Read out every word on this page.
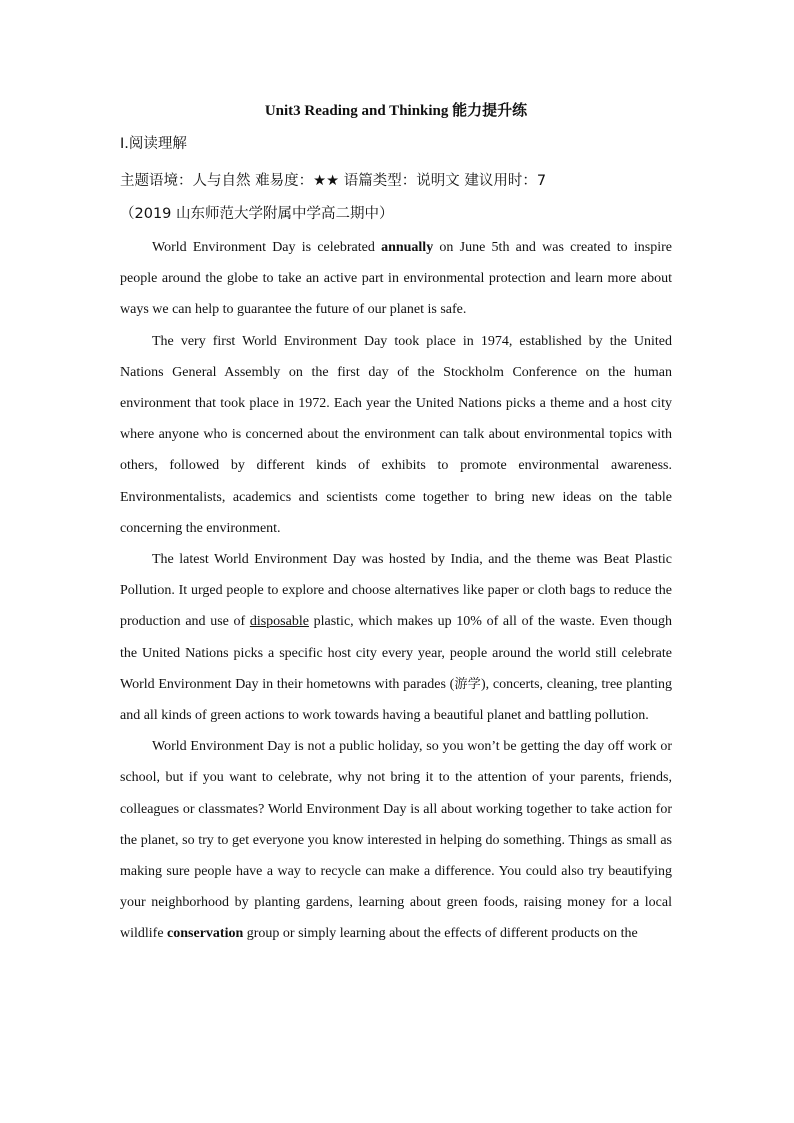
Unit3 Reading and Thinking 能力提升练
I.阅读理解
主题语境：人与自然 难易度：★★ 语篇类型：说明文 建议用时：7
（2019 山东师范大学附属中学高二期中）

World Environment Day is celebrated annually on June 5th and was created to inspire people around the globe to take an active part in environmental protection and learn more about ways we can help to guarantee the future of our planet is safe.

The very first World Environment Day took place in 1974, established by the United Nations General Assembly on the first day of the Stockholm Conference on the human environment that took place in 1972. Each year the United Nations picks a theme and a host city where anyone who is concerned about the environment can talk about environmental topics with others, followed by different kinds of exhibits to promote environmental awareness. Environmentalists, academics and scientists come together to bring new ideas on the table concerning the environment.

The latest World Environment Day was hosted by India, and the theme was Beat Plastic Pollution. It urged people to explore and choose alternatives like paper or cloth bags to reduce the production and use of disposable plastic, which makes up 10% of all of the waste. Even though the United Nations picks a specific host city every year, people around the world still celebrate World Environment Day in their hometowns with parades (游学), concerts, cleaning, tree planting and all kinds of green actions to work towards having a beautiful planet and battling pollution.

World Environment Day is not a public holiday, so you won’t be getting the day off work or school, but if you want to celebrate, why not bring it to the attention of your parents, friends, colleagues or classmates? World Environment Day is all about working together to take action for the planet, so try to get everyone you know interested in helping do something. Things as small as making sure people have a way to recycle can make a difference. You could also try beautifying your neighborhood by planting gardens, learning about green foods, raising money for a local wildlife conservation group or simply learning about the effects of different products on the
